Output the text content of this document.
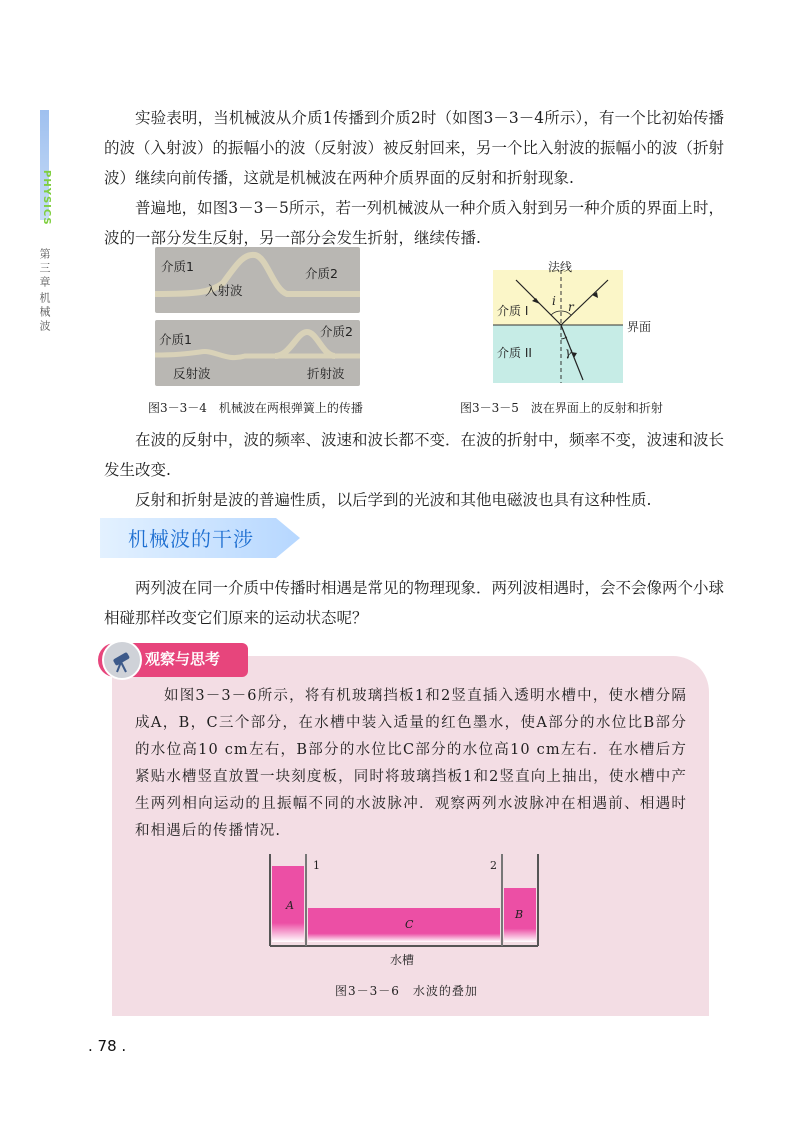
PHYSICS
第三章
机械波
实验表明，当机械波从介质1传播到介质2时（如图3－3－4所示），有一个比初始传播的波（入射波）的振幅小的波（反射波）被反射回来，另一个比入射波的振幅小的波（折射波）继续向前传播，这就是机械波在两种介质界面的反射和折射现象.
普遍地，如图3－3－5所示，若一列机械波从一种介质入射到另一种介质的界面上时，波的一部分发生反射，另一部分会发生折射，继续传播.
介质1
入射波
介质2
介质1
介质2
反射波	折射波
图3－3－4　机械波在两根弹簧上的传播
法线
介质 I
介质 II
界面
i r
γ
图3－3－5　波在界面上的反射和折射
在波的反射中，波的频率、波速和波长都不变．在波的折射中，频率不变，波速和波长发生改变.
反射和折射是波的普遍性质，以后学到的光波和其他电磁波也具有这种性质.
机械波的干涉
两列波在同一介质中传播时相遇是常见的物理现象．两列波相遇时，会不会像两个小球相碰那样改变它们原来的运动状态呢？
观察与思考
如图3－3－6所示，将有机玻璃挡板1和2竖直插入透明水槽中，使水槽分隔成A，B，C三个部分，在水槽中装入适量的红色墨水，使A部分的水位比B部分的水位高10 cm左右，B部分的水位比C部分的水位高10 cm左右．在水槽后方紧贴水槽竖直放置一块刻度板，同时将玻璃挡板1和2竖直向上抽出，使水槽中产生两列相向运动的且振幅不同的水波脉冲．观察两列水波脉冲在相遇前、相遇时和相遇后的传播情况.
1	2
A
C
B
水槽
图3－3－6　水波的叠加
. 78 .
